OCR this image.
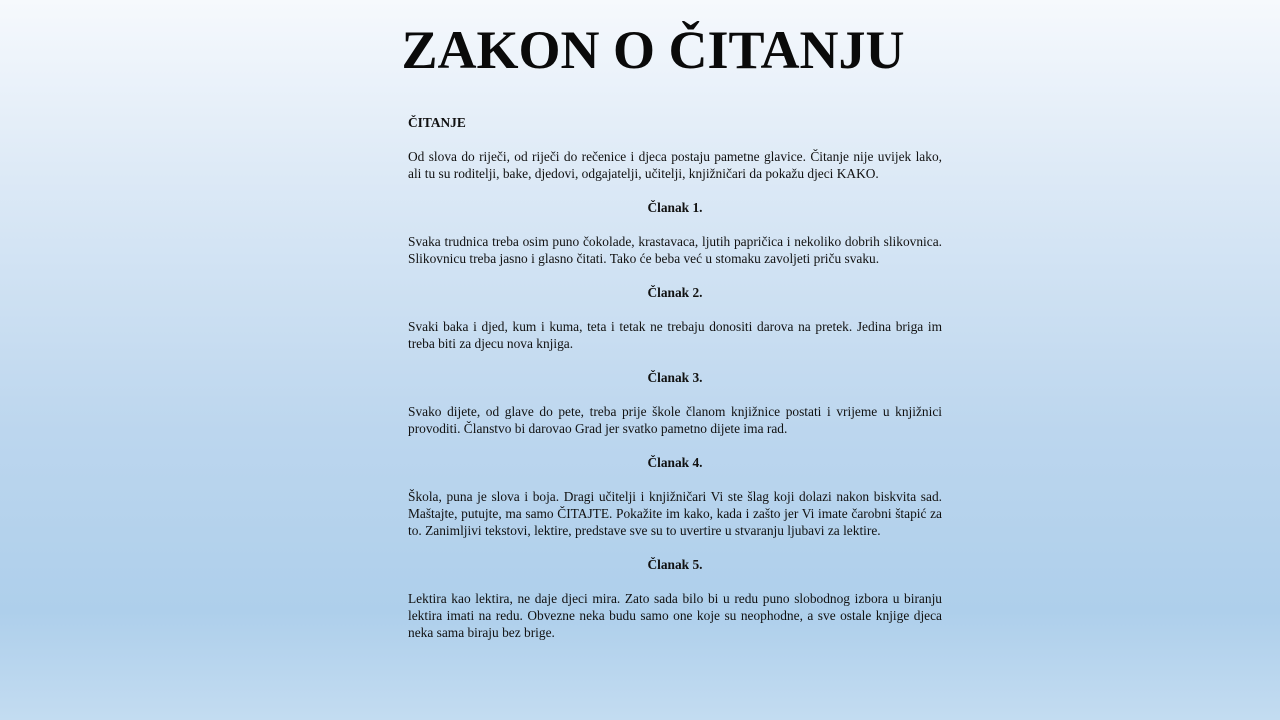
ZAKON O ČITANJU

ČITANJE

Od slova do riječi, od riječi do rečenice i djeca postaju pametne glavice. Čitanje nije uvijek lako, ali tu su roditelji, bake, djedovi, odgajatelji, učitelji, knjižničari da pokažu djeci KAKO.

Članak 1.

Svaka trudnica treba osim puno čokolade, krastavaca, ljutih papričica i nekoliko dobrih slikovnica. Slikovnicu treba jasno i glasno čitati. Tako će beba već u stomaku zavoljeti priču svaku.

Članak 2.

Svaki baka i djed, kum i kuma, teta i tetak ne trebaju donositi darova na pretek. Jedina briga im treba biti za djecu nova knjiga.

Članak 3.

Svako dijete, od glave do pete, treba prije škole članom knjižnice postati i vrijeme u knjižnici provoditi. Članstvo bi darovao Grad jer svatko pametno dijete ima rad.

Članak 4.

Škola, puna je slova i boja. Dragi učitelji i knjižničari Vi ste šlag koji dolazi nakon biskvita sad. Maštajte, putujte, ma samo ČITAJTE. Pokažite im kako, kada i zašto jer Vi imate čarobni štapić za to. Zanimljivi tekstovi, lektire, predstave sve su to uvertire u stvaranju ljubavi za lektire.

Članak 5.

Lektira kao lektira, ne daje djeci mira. Zato sada bilo bi u redu puno slobodnog izbora u biranju lektira imati na redu. Obvezne neka budu samo one koje su neophodne, a sve ostale knjige djeca neka sama biraju bez brige.
